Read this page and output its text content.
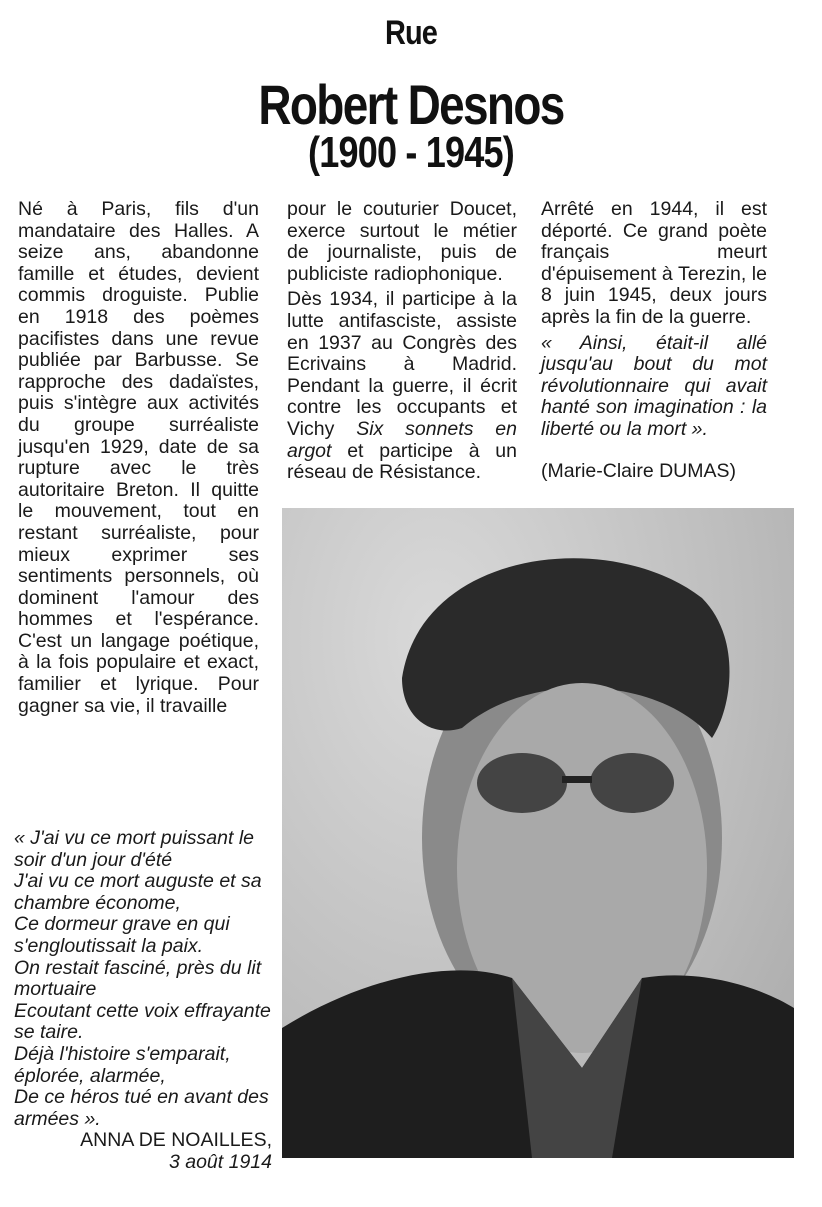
Rue
Robert Desnos
(1900 - 1945)

Né à Paris, fils d'un mandataire des Halles. A seize ans, abandonne famille et études, devient commis droguiste. Publie en 1918 des poèmes pacifistes dans une revue publiée par Barbusse. Se rapproche des dadaïstes, puis s'intègre aux activités du groupe surréaliste jusqu'en 1929, date de sa rupture avec le très autoritaire Breton. Il quitte le mouvement, tout en restant surréaliste, pour mieux exprimer ses sentiments personnels, où dominent l'amour des hommes et l'espérance. C'est un langage poétique, à la fois populaire et exact, familier et lyrique. Pour gagner sa vie, il travaille

pour le couturier Doucet, exerce surtout le métier de journaliste, puis de publiciste radiophonique.

Dès 1934, il participe à la lutte antifasciste, assiste en 1937 au Congrès des Ecrivains à Madrid. Pendant la guerre, il écrit contre les occupants et Vichy Six sonnets en argot et participe à un réseau de Résistance.

Arrêté en 1944, il est déporté. Ce grand poète français meurt d'épuisement à Terezin, le 8 juin 1945, deux jours après la fin de la guerre.

« Ainsi, était-il allé jusqu'au bout du mot révolutionnaire qui avait hanté son imagination : la liberté ou la mort ».

(Marie-Claire DUMAS)

« J'ai vu ce mort puissant le soir d'un jour d'été

J'ai vu ce mort auguste et sa chambre économe,

Ce dormeur grave en qui s'engloutissait la paix.

On restait fasciné, près du lit mortuaire

Ecoutant cette voix effrayante se taire.

Déjà l'histoire s'emparait, éplorée, alarmée,

De ce héros tué en avant des armées ».

ANNA DE NOAILLES,
3 août 1914
